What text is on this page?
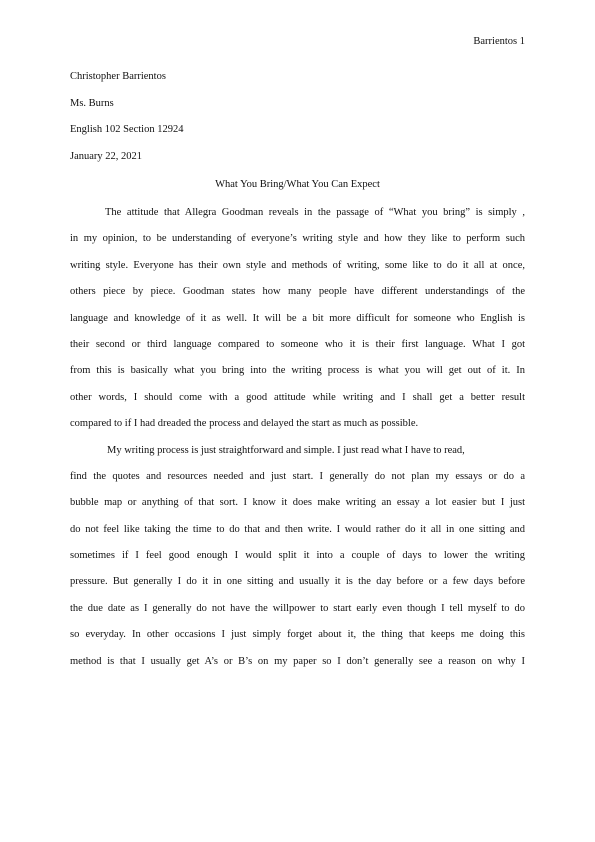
Barrientos 1
Christopher Barrientos
Ms. Burns
English 102 Section 12924
January 22, 2021
What You Bring/What You Can Expect
The attitude that Allegra Goodman reveals in the passage of “What you bring” is simply ,
in my opinion, to be understanding of everyone’s writing style and how they like to perform such
writing style. Everyone has their own style and methods of writing, some like to do it all at once,
others piece by piece. Goodman states how many people have different understandings of the
language and knowledge of it as well. It will be a bit more difficult for someone who English is
their second or third language compared to someone who it is their first language. What I got
from this is basically what you bring into the writing process is what you will get out of it. In
other words, I should come with a good attitude while writing and I shall get a better result
compared to if I had dreaded the process and delayed the start as much as possible.
My writing process is just straightforward and simple. I just read what I have to read,
find the quotes and resources needed and just start. I generally do not plan my essays or do a
bubble map or anything of that sort. I know it does make writing an essay a lot easier but I just
do not feel like taking the time to do that and then write. I would rather do it all in one sitting and
sometimes if I feel good enough I would split it into a couple of days to lower the writing
pressure. But generally I do it in one sitting and usually it is the day before or a few days before
the due date as I generally do not have the willpower to start early even though I tell myself to do
so everyday. In other occasions I just simply forget about it, the thing that keeps me doing this
method is that I usually get A’s or B’s on my paper so I don’t generally see a reason on why I
